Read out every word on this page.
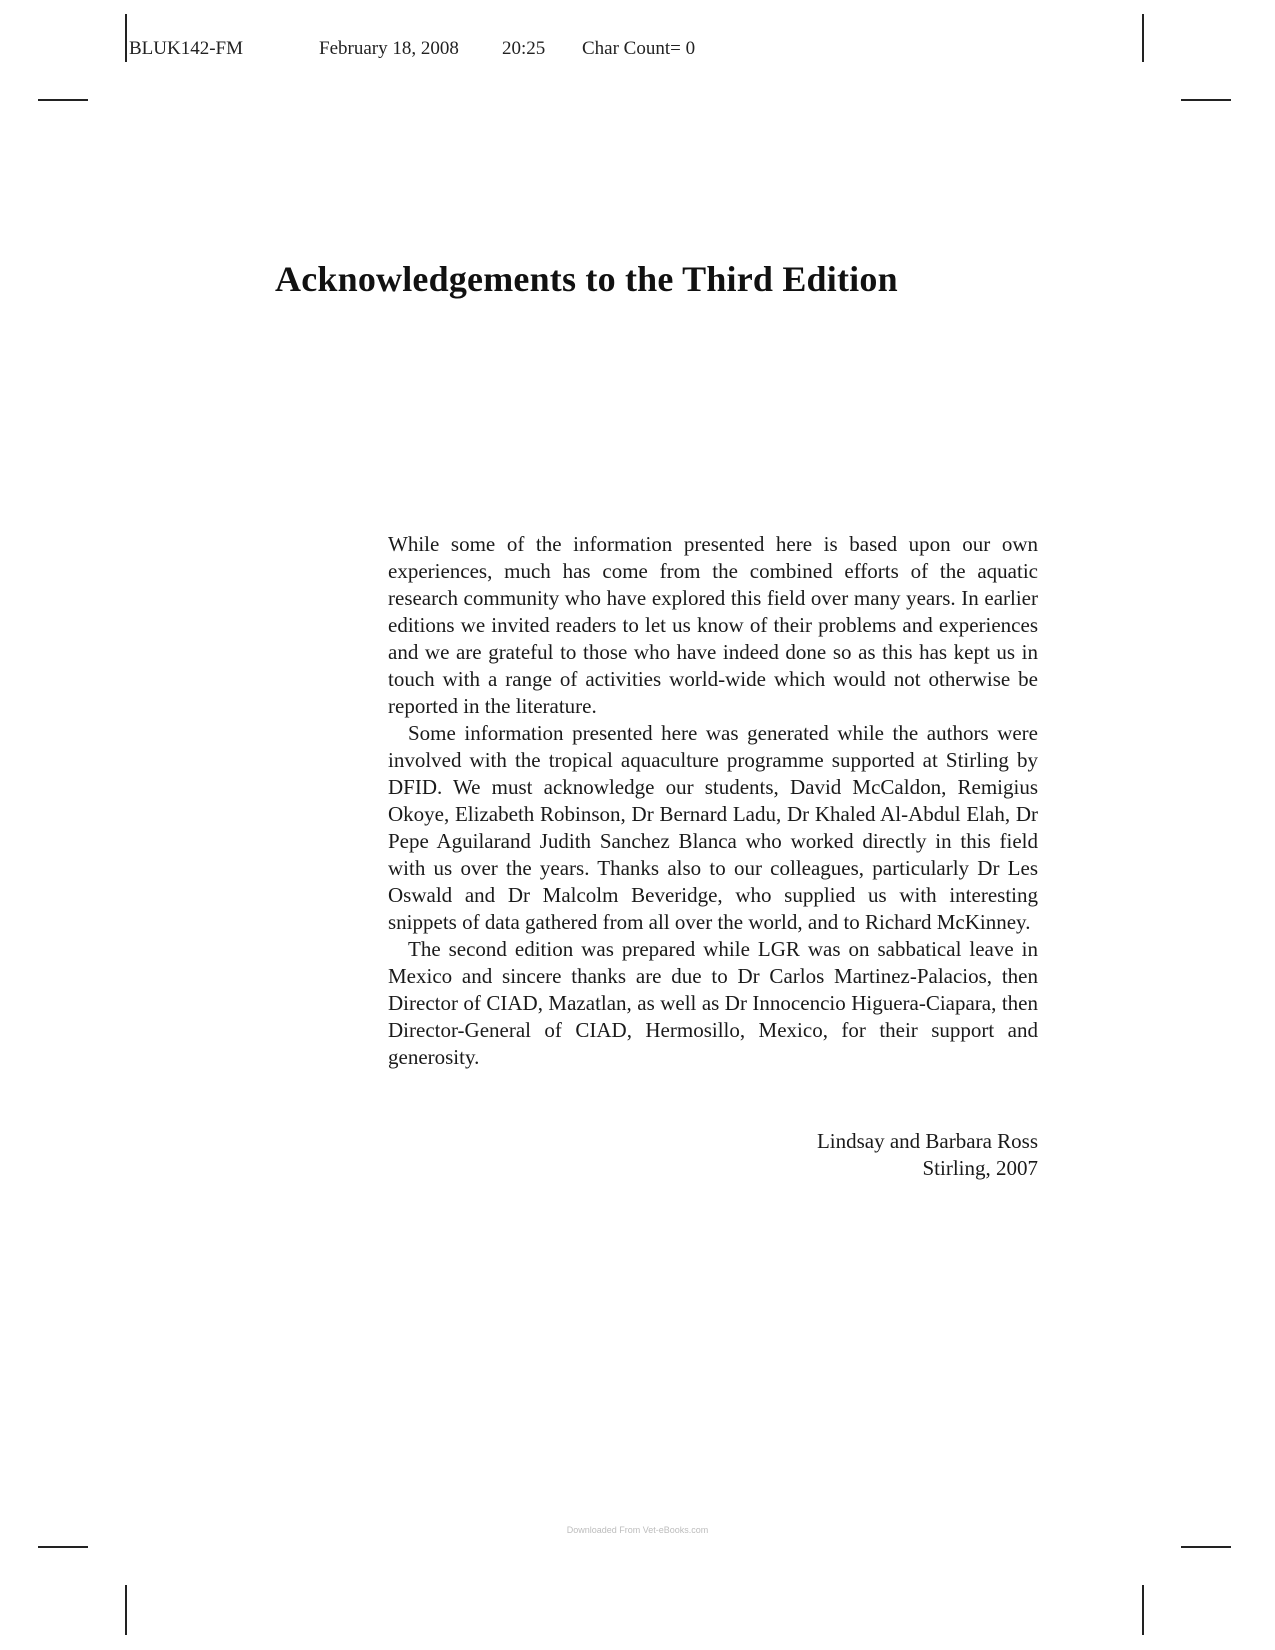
BLUK142-FM	February 18, 2008 20:25 Char Count= 0
Acknowledgements to the Third Edition

While some of the information presented here is based upon our own experiences, much has come from the combined efforts of the aquatic research community who have explored this field over many years. In earlier editions we invited readers to let us know of their problems and experiences and we are grateful to those who have indeed done so as this has kept us in touch with a range of activities world-wide which would not otherwise be reported in the literature.

Some information presented here was generated while the authors were involved with the tropical aquaculture programme supported at Stirling by DFID. We must acknowledge our students, David McCaldon, Remigius Okoye, Elizabeth Robinson, Dr Bernard Ladu, Dr Khaled Al-Abdul Elah, Dr Pepe Aguilarand Judith Sanchez Blanca who worked directly in this field with us over the years. Thanks also to our colleagues, particularly Dr Les Oswald and Dr Malcolm Beveridge, who supplied us with interesting snippets of data gathered from all over the world, and to Richard McKinney.

The second edition was prepared while LGR was on sabbatical leave in Mexico and sincere thanks are due to Dr Carlos Martinez-Palacios, then Director of CIAD, Mazatlan, as well as Dr Innocencio Higuera-Ciapara, then Director-General of CIAD, Hermosillo, Mexico, for their support and generosity.

Lindsay and Barbara Ross
Stirling, 2007
Downloaded From Vet-eBooks.com
